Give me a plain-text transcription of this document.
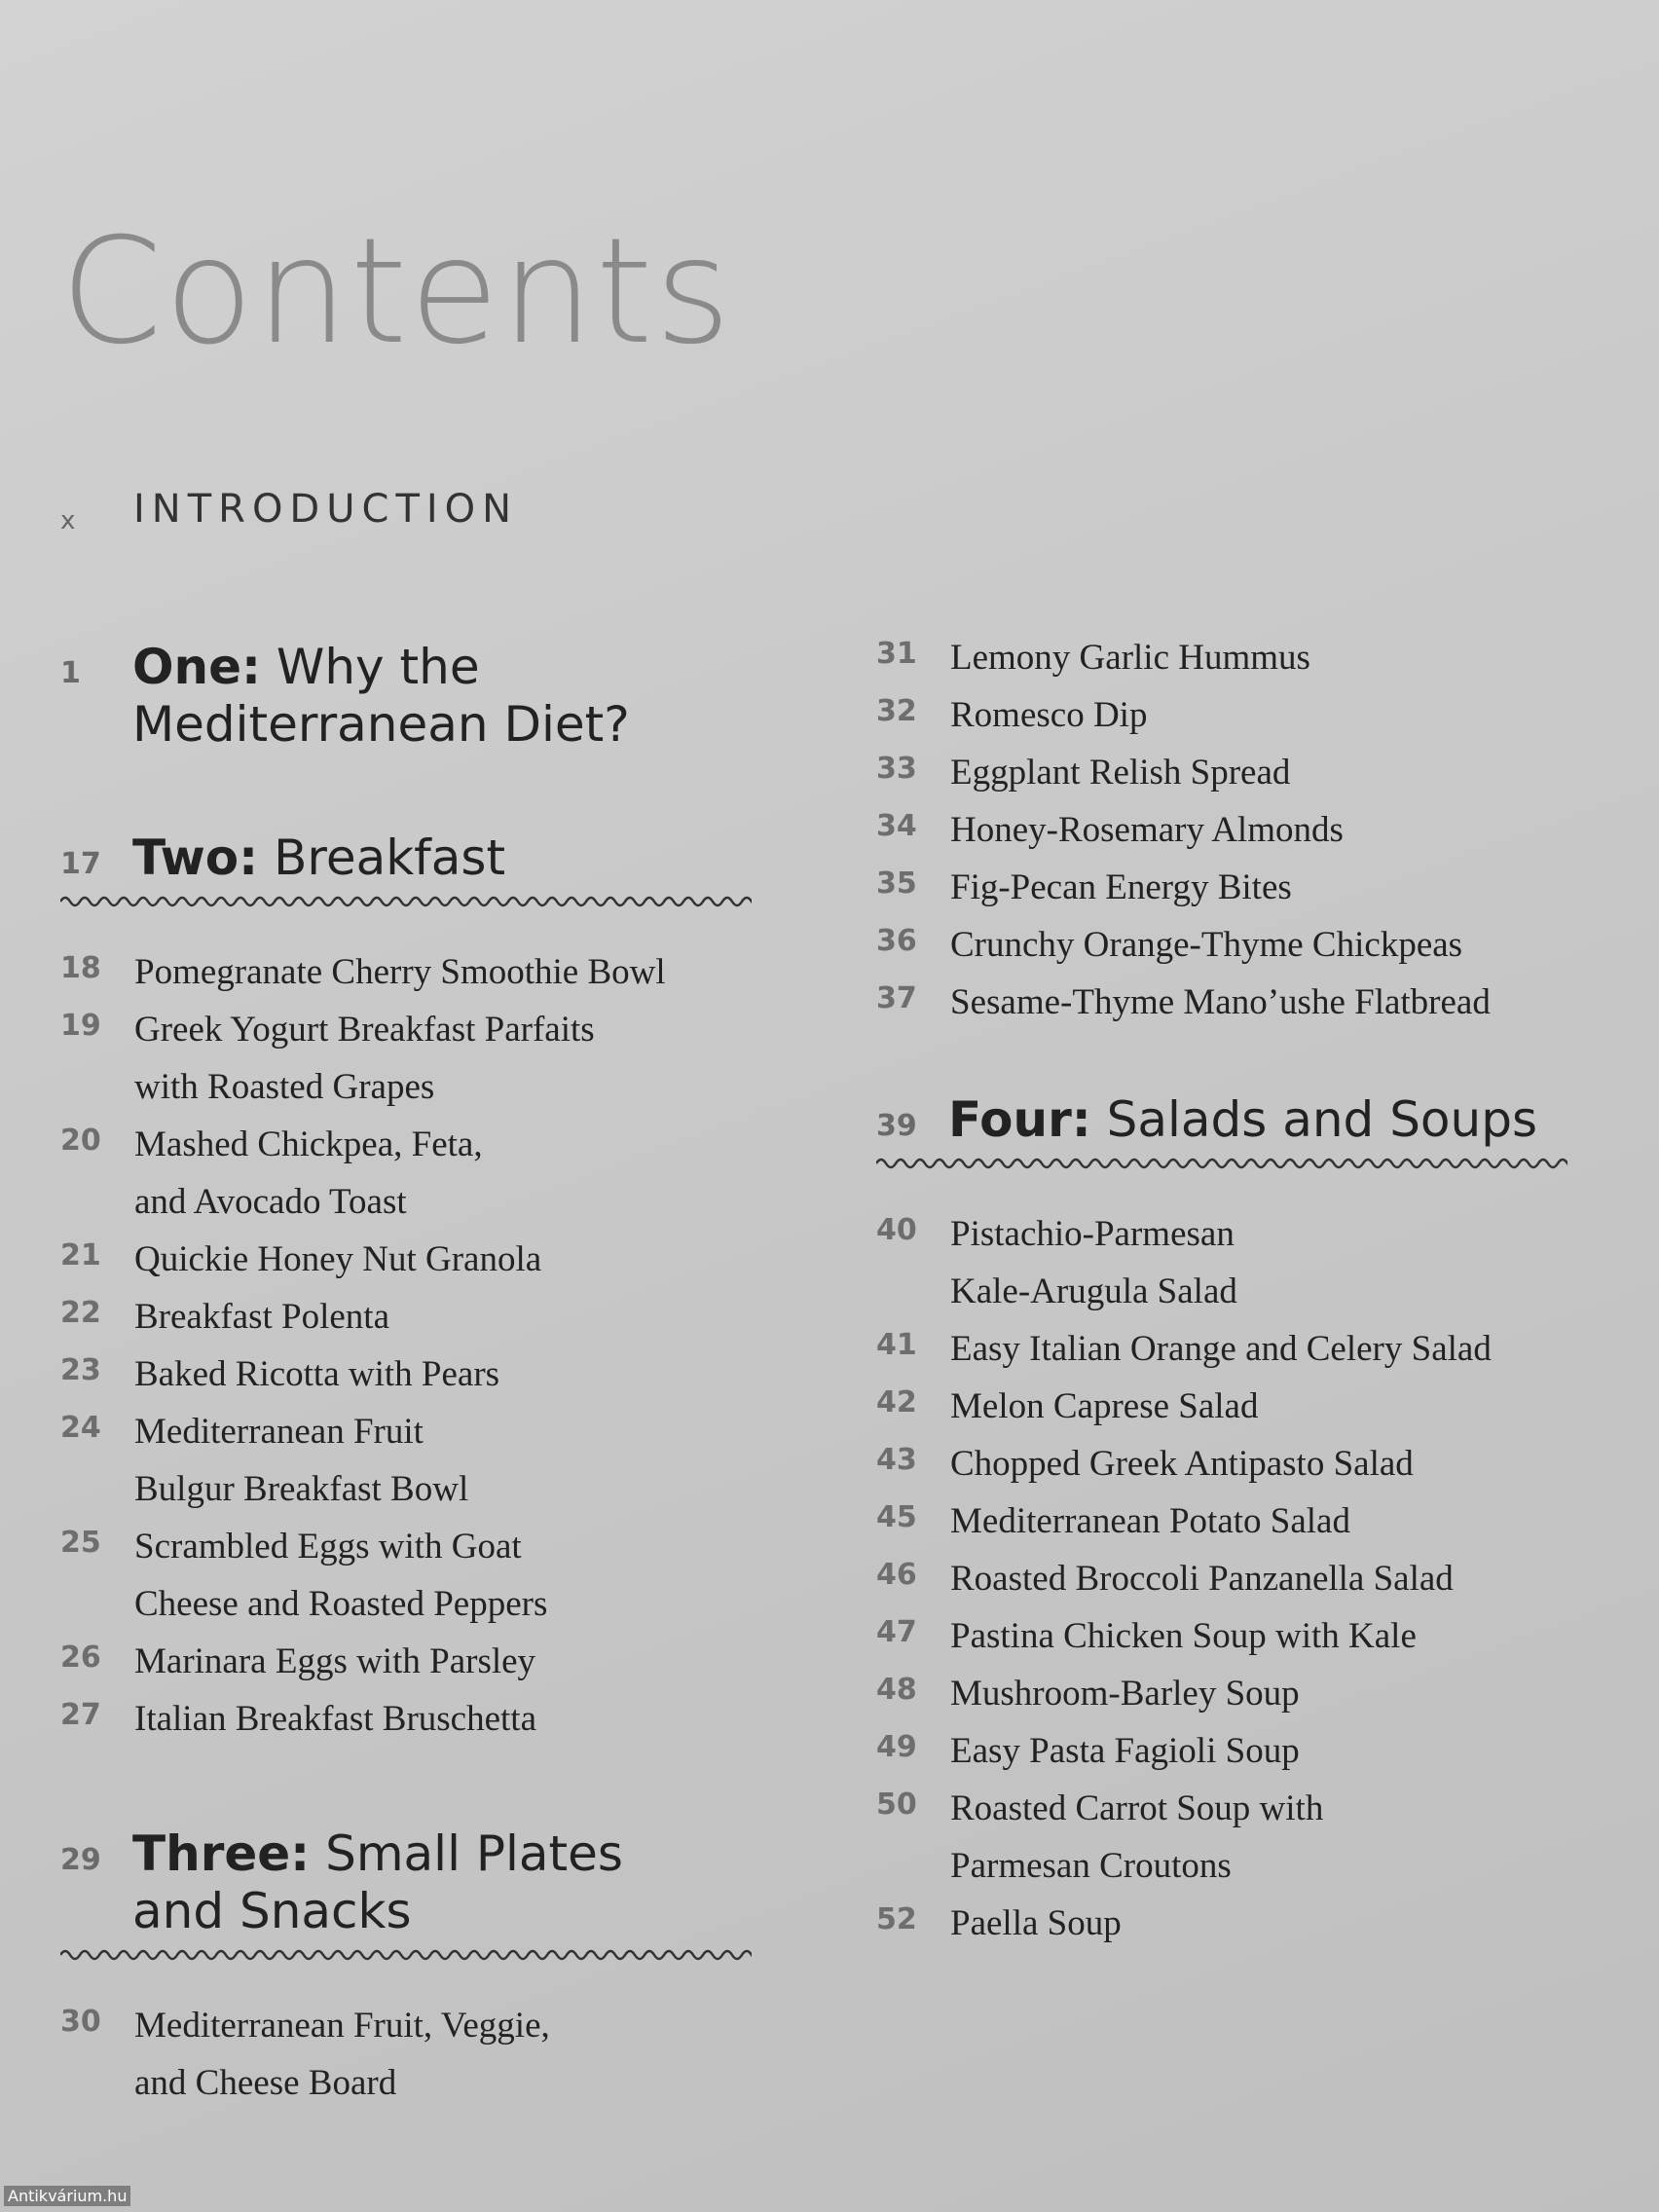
Contents
x INTRODUCTION
1	One: Why the
Mediterranean Diet?
17 Two: Breakfast
18 Pomegranate Cherry Smoothie Bowl
19 Greek Yogurt Breakfast Parfaits
with Roasted Grapes
20 Mashed Chickpea, Feta,
and Avocado Toast
21 Quickie Honey Nut Granola
22 Breakfast Polenta
23 Baked Ricotta with Pears
24 Mediterranean Fruit
Bulgur Breakfast Bowl
25 Scrambled Eggs with Goat
Cheese and Roasted Peppers
26 Marinara Eggs with Parsley
27 Italian Breakfast Bruschetta
29 Three: Small Plates
and Snacks
30 Mediterranean Fruit, Veggie,
and Cheese Board
31 Lemony Garlic Hummus
32 Romesco Dip
33 Eggplant Relish Spread
34 Honey-Rosemary Almonds
35 Fig-Pecan Energy Bites
36 Crunchy Orange-Thyme Chickpeas
37 Sesame-Thyme Mano’ushe Flatbread
39 Four: Salads and Soups
40 Pistachio-Parmesan
Kale-Arugula Salad
41 Easy Italian Orange and Celery Salad
42 Melon Caprese Salad
43 Chopped Greek Antipasto Salad
45 Mediterranean Potato Salad
46 Roasted Broccoli Panzanella Salad
47 Pastina Chicken Soup with Kale
48 Mushroom-Barley Soup
49 Easy Pasta Fagioli Soup
50 Roasted Carrot Soup with
Parmesan Croutons
52 Paella Soup
Antikvárium.hu
